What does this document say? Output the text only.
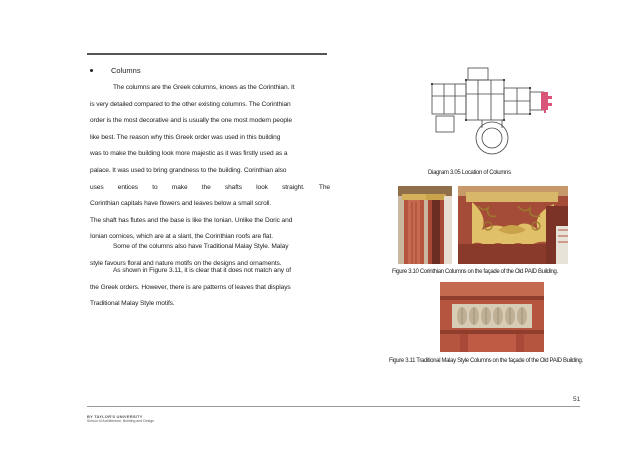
Columns
The columns are the Greek columns, knows as the Corinthian. It
is very detailed compared to the other existing columns. The Corinthian
order is the most decorative and is usually the one most modern people
like best. The reason why this Greek order was used in this building
was to make the building look more majestic as it was firstly used as a
palace. It was used to bring grandness to the building. Corinthian also
uses entices to make the shafts look straight. The
Corinthian capitals have flowers and leaves below a small scroll.
The shaft has flutes and the base is like the Ionian. Unlike the Doric and
Ionian cornices, which are at a slant, the Corinthian roofs are flat.
Some of the columns also have Traditional Malay Style. Malay
style favours floral and nature motifs on the designs and ornaments.
As shown in Figure 3.11, it is clear that it does not match any of
the Greek orders. However, there is are patterns of leaves that displays
Traditional Malay Style motifs.
Diagram 3.05 Location of Columns
Figure 3.10 Corinthian Columns on the façade of the Old PAID Building.
Figure 3.11 Traditional Malay Style Columns on the façade of the Old PAID Building.
51
BY TAYLOR'S UNIVERSITY
School of Architecture, Building and Design
